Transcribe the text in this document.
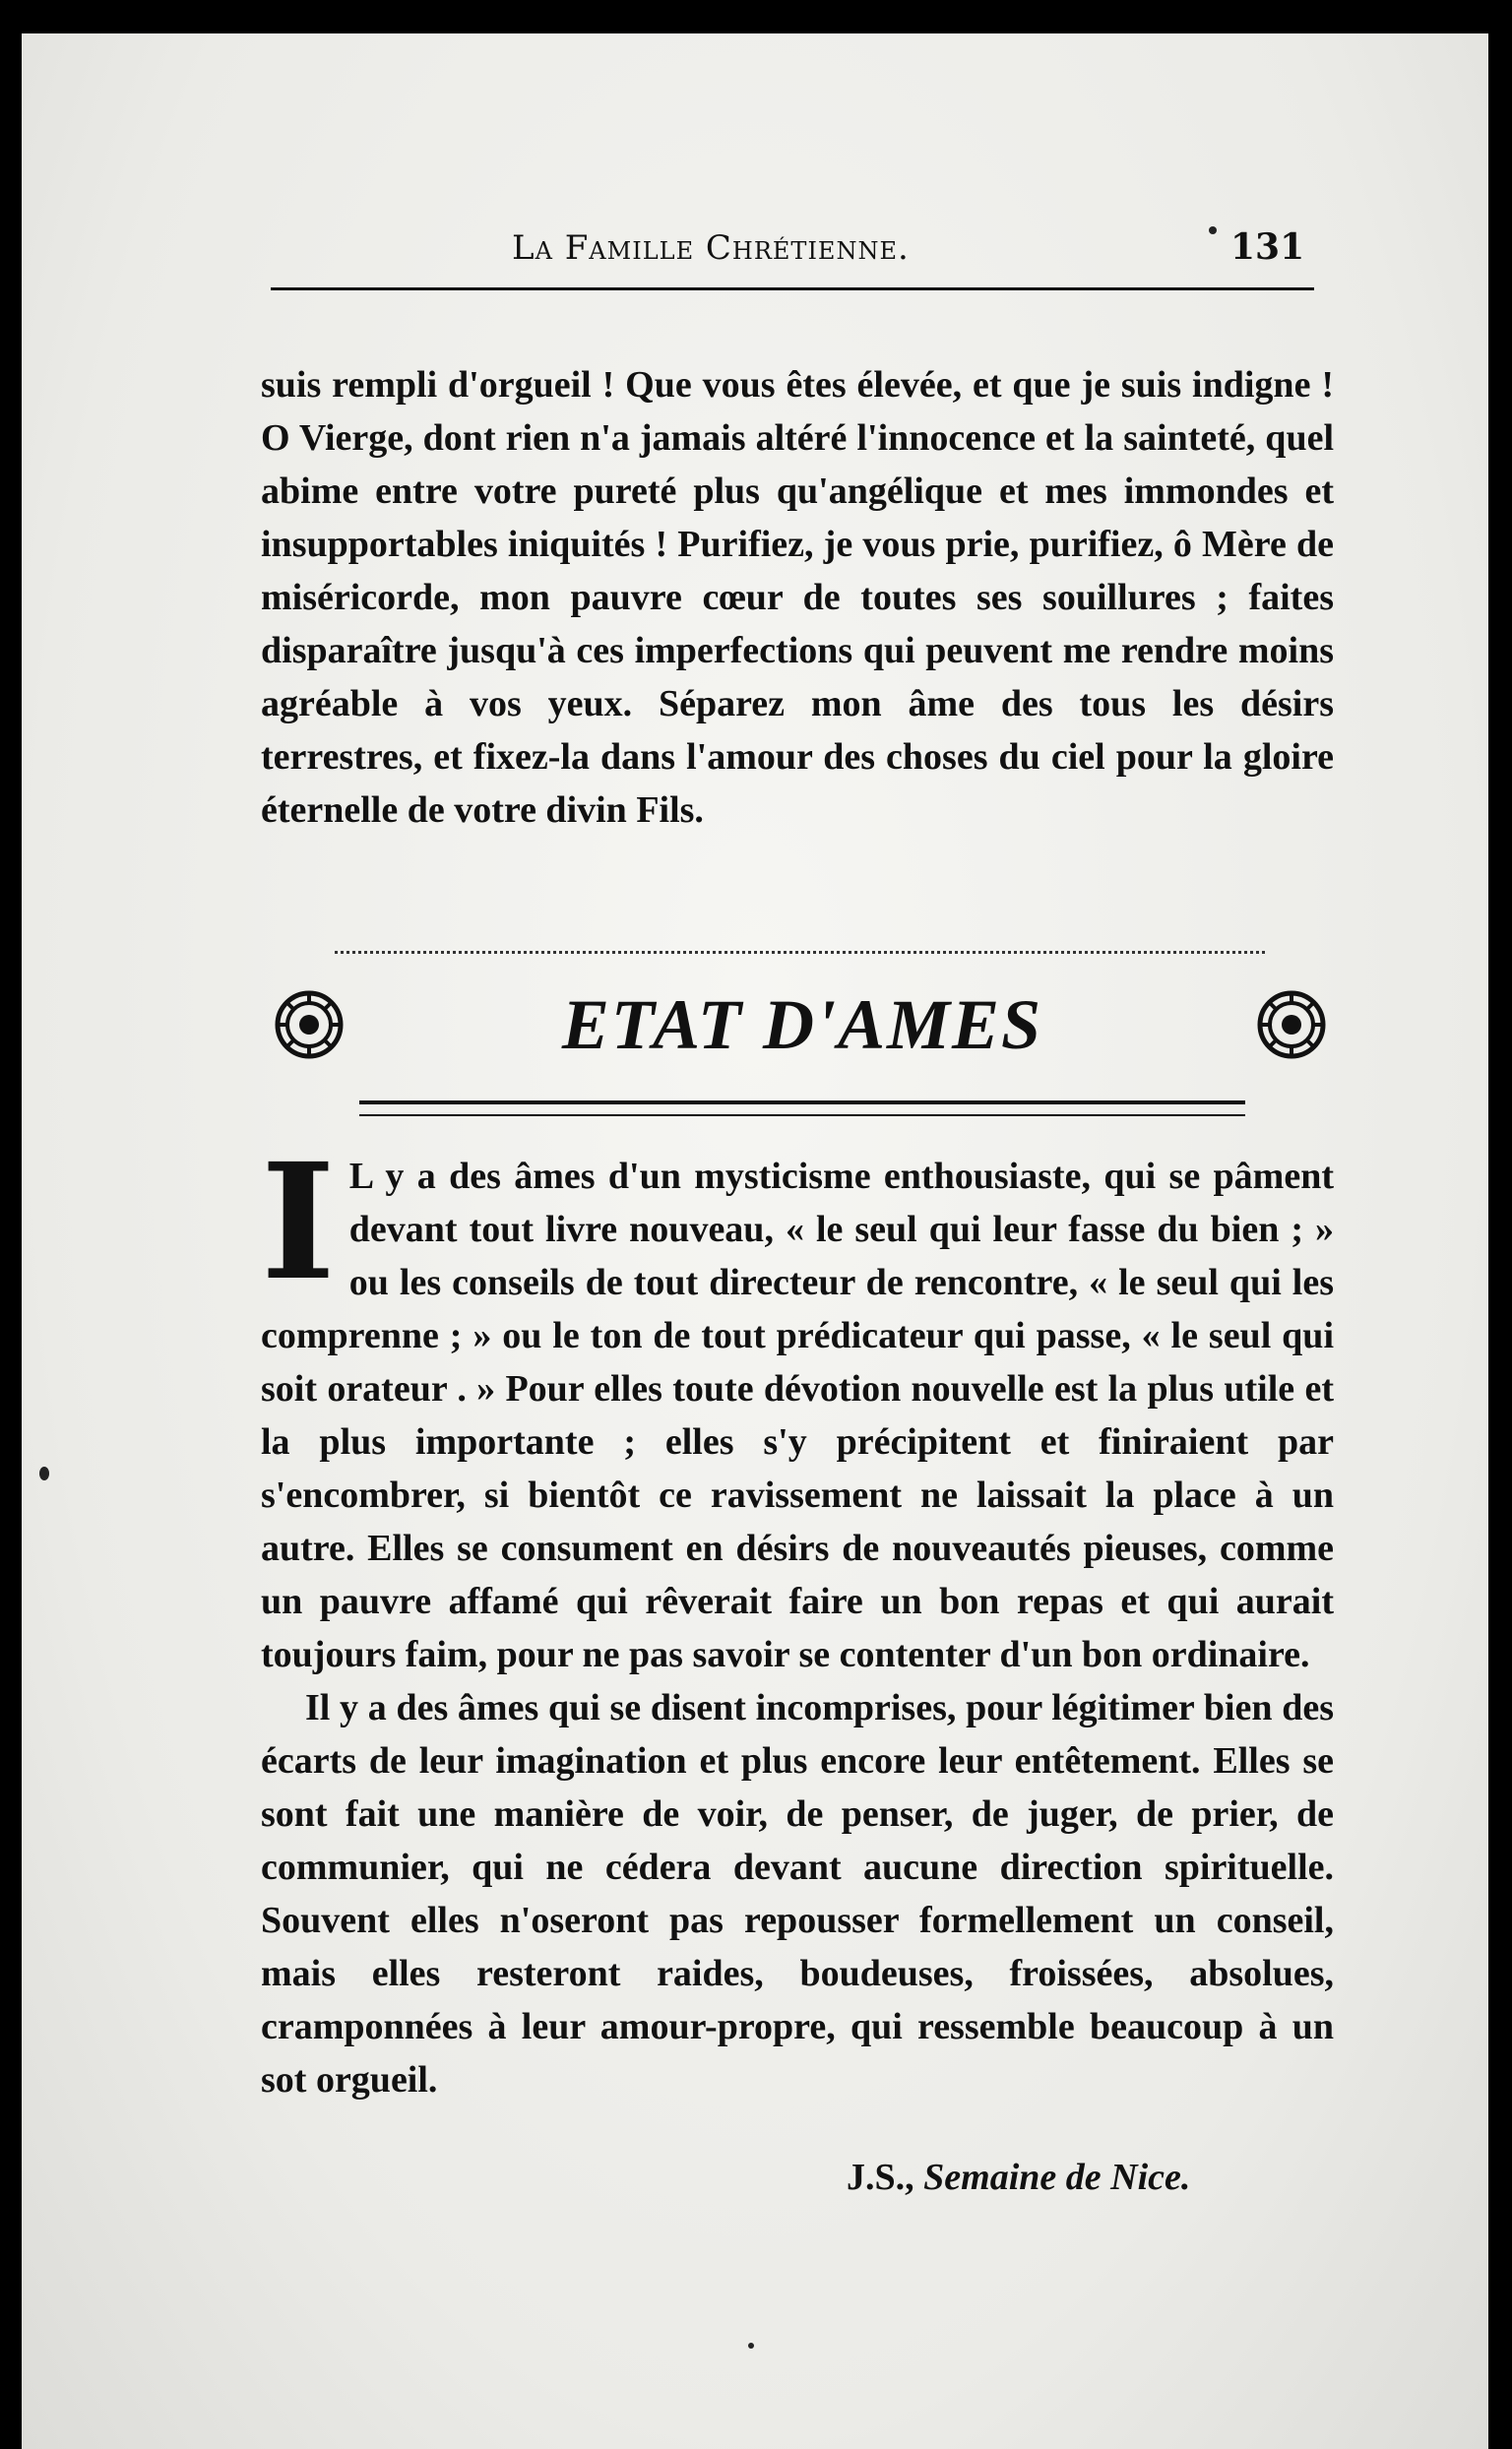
La Famille Chrétienne.	131
suis rempli d'orgueil ! Que vous êtes élevée, et que je suis indigne ! O Vierge, dont rien n'a jamais altéré l'innocence et la sainteté, quel abime entre votre pureté plus qu'angélique et mes immondes et insupportables iniquités ! Purifiez, je vous prie, purifiez, ô Mère de miséricorde, mon pauvre cœur de toutes ses souillures ; faites disparaître jusqu'à ces imperfections qui peuvent me rendre moins agréable à vos yeux. Séparez mon âme des tous les désirs terrestres, et fixez-la dans l'amour des choses du ciel pour la gloire éternelle de votre divin Fils.
ETAT D'AMES

I L y a des âmes d'un mysticisme enthousiaste, qui se pâment devant tout livre nouveau, « le seul qui leur fasse du bien ; » ou les conseils de tout directeur de rencontre, « le seul qui les comprenne ; » ou le ton de tout prédicateur qui passe, « le seul qui soit orateur . » Pour elles toute dévotion nouvelle est la plus utile et la plus importante ; elles s'y précipitent et finiraient par s'encombrer, si bientôt ce ravissement ne laissait la place à un autre. Elles se consument en désirs de nouveautés pieuses, comme un pauvre affamé qui rêverait faire un bon repas et qui aurait toujours faim, pour ne pas savoir se contenter d'un bon ordinaire.

Il y a des âmes qui se disent incomprises, pour légitimer bien des écarts de leur imagination et plus encore leur entêtement. Elles se sont fait une manière de voir, de penser, de juger, de prier, de communier, qui ne cédera devant aucune direction spirituelle. Souvent elles n'oseront pas repousser formellement un conseil, mais elles resteront raides, boudeuses, froissées, absolues, cramponnées à leur amour-propre, qui ressemble beaucoup à un sot orgueil.

J.S., Semaine de Nice.
